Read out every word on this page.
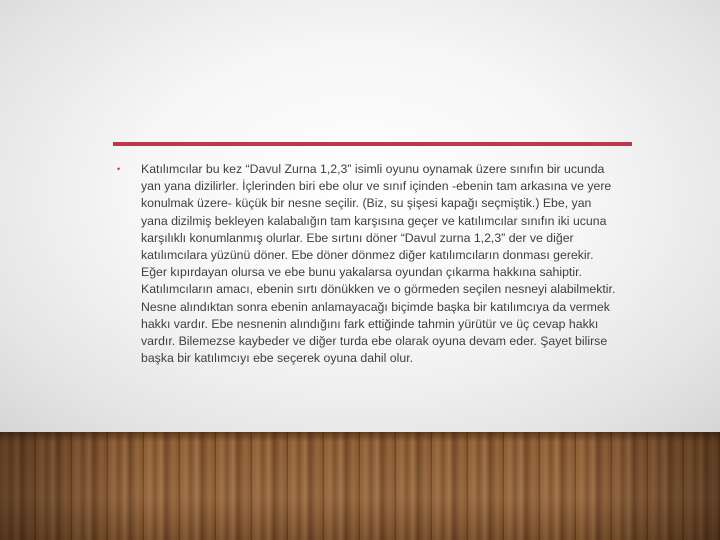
•	Katılımcılar bu kez “Davul Zurna 1,2,3” isimli oyunu oynamak üzere sınıfın bir ucunda yan yana dizilirler. İçlerinden biri ebe olur ve sınıf içinden -ebenin tam arkasına ve yere konulmak üzere- küçük bir nesne seçilir. (Biz, su şişesi kapağı seçmiştik.) Ebe, yan yana dizilmiş bekleyen kalabalığın tam karşısına geçer ve katılımcılar sınıfın iki ucuna karşılıklı konumlanmış olurlar. Ebe sırtını döner “Davul zurna 1,2,3” der ve diğer katılımcılara yüzünü döner. Ebe döner dönmez diğer katılımcıların donması gerekir. Eğer kıpırdayan olursa ve ebe bunu yakalarsa oyundan çıkarma hakkına sahiptir. Katılımcıların amacı, ebenin sırtı dönükken ve o görmeden seçilen nesneyi alabilmektir. Nesne alındıktan sonra ebenin anlamayacağı biçimde başka bir katılımcıya da vermek hakkı vardır. Ebe nesnenin alındığını fark ettiğinde tahmin yürütür ve üç cevap hakkı vardır. Bilemezse kaybeder ve diğer turda ebe olarak oyuna devam eder. Şayet bilirse başka bir katılımcıyı ebe seçerek oyuna dahil olur.
